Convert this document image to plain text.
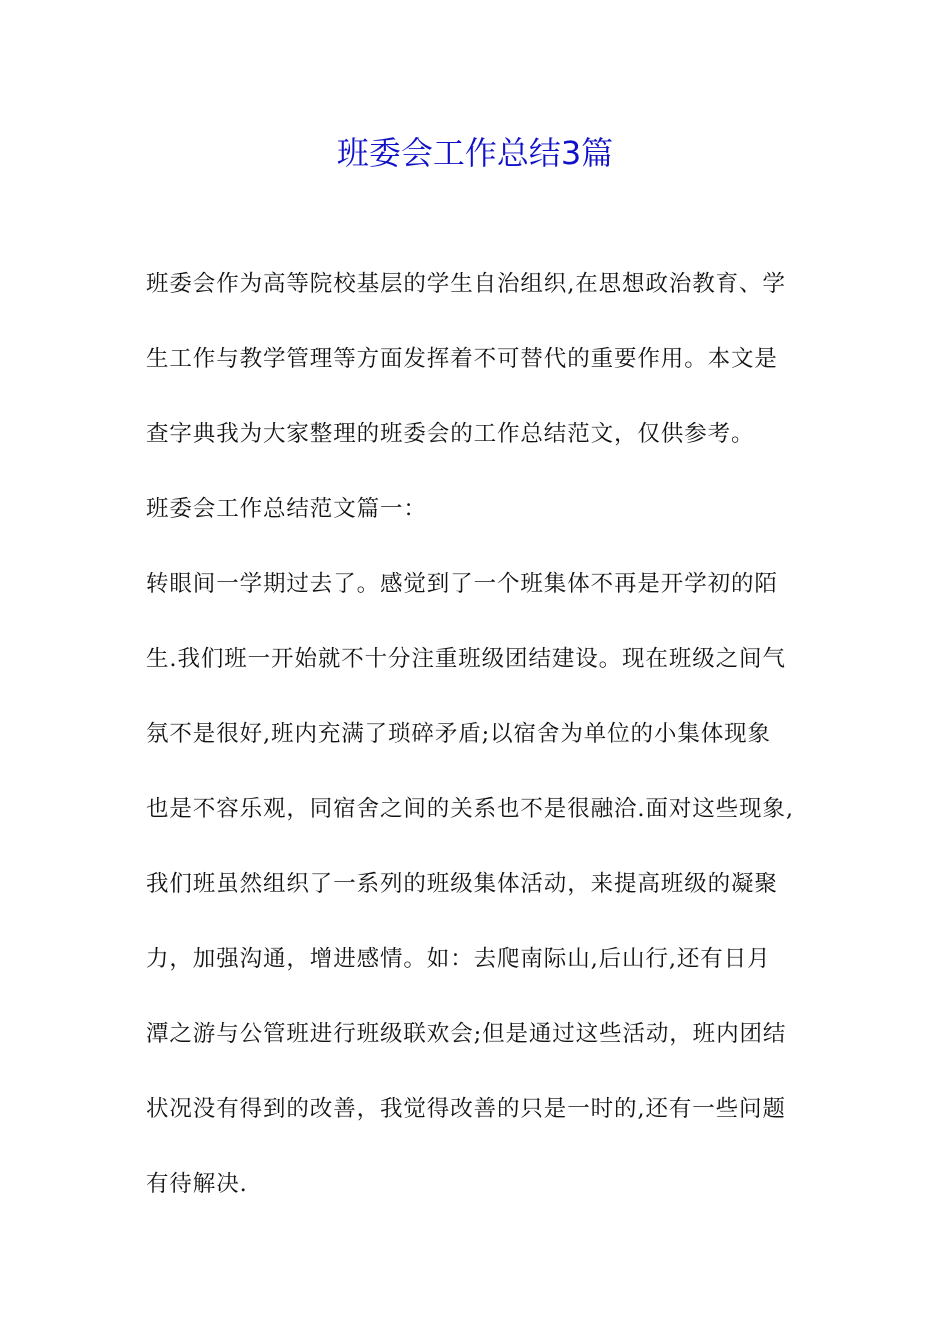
班委会工作总结3篇
班委会作为高等院校基层的学生自治组织,在思想政治教育、学
生工作与教学管理等方面发挥着不可替代的重要作用。本文是
查字典我为大家整理的班委会的工作总结范文，仅供参考。
班委会工作总结范文篇一：
转眼间一学期过去了。感觉到了一个班集体不再是开学初的陌
生.我们班一开始就不十分注重班级团结建设。现在班级之间气
氛不是很好,班内充满了琐碎矛盾;以宿舍为单位的小集体现象
也是不容乐观，同宿舍之间的关系也不是很融洽.面对这些现象,
我们班虽然组织了一系列的班级集体活动，来提高班级的凝聚
力，加强沟通，增进感情。如：去爬南际山,后山行,还有日月
潭之游与公管班进行班级联欢会;但是通过这些活动，班内团结
状况没有得到的改善，我觉得改善的只是一时的,还有一些问题
有待解决.
